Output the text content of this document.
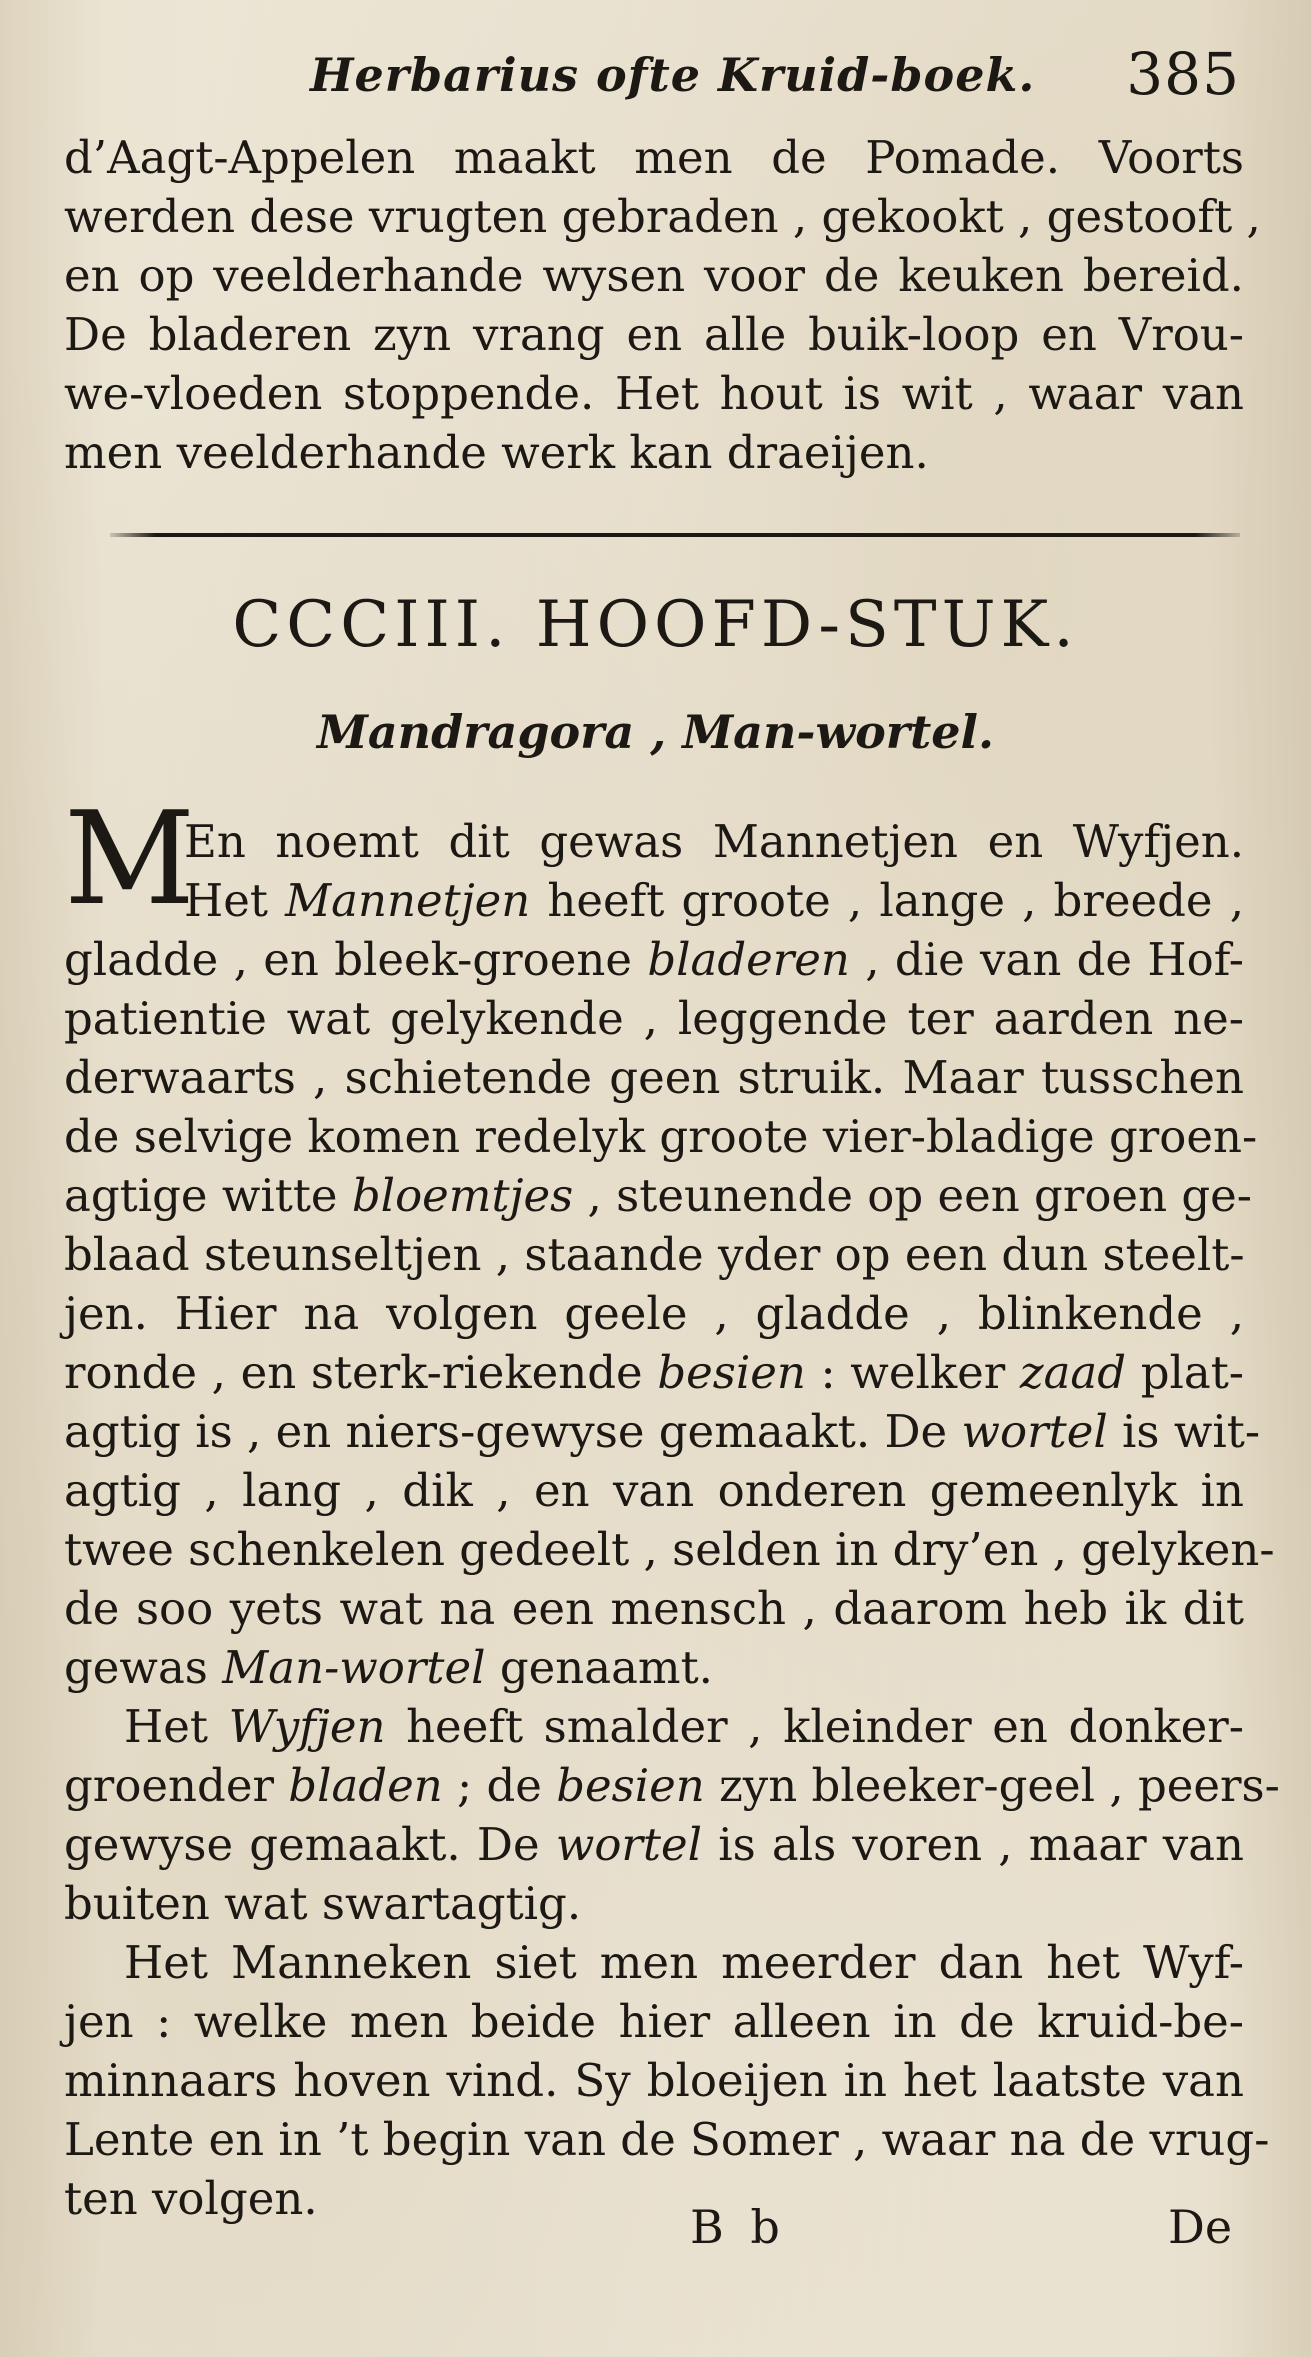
Herbarius ofte Kruid-boek. 385
d’Aagt-Appelen maakt men de Pomade. Voorts
werden dese vrugten gebraden , gekookt , gestooft ,
en op veelderhande wysen voor de keuken bereid.
De bladeren zyn vrang en alle buik-loop en Vrou-
we-vloeden stoppende. Het hout is wit , waar van
men veelderhande werk kan draeijen.
CCCIII. HOOFD-STUK.
Mandragora , Man-wortel.
M
En noemt dit gewas Mannetjen en Wyfjen.
Het Mannetjen heeft groote , lange , breede ,
gladde , en bleek-groene bladeren , die van de Hof-
patientie wat gelykende , leggende ter aarden ne-
derwaarts , schietende geen struik. Maar tusschen
de selvige komen redelyk groote vier-bladige groen-
agtige witte bloemtjes , steunende op een groen ge-
blaad steunseltjen , staande yder op een dun steelt-
jen. Hier na volgen geele , gladde , blinkende ,
ronde , en sterk-riekende besien : welker zaad plat-
agtig is , en niers-gewyse gemaakt. De wortel is wit-
agtig , lang , dik , en van onderen gemeenlyk in
twee schenkelen gedeelt , selden in dry’en , gelyken-
de soo yets wat na een mensch , daarom heb ik dit
gewas Man-wortel genaamt.
Het Wyfjen heeft smalder , kleinder en donker-
groender bladen ; de besien zyn bleeker-geel , peers-
gewyse gemaakt. De wortel is als voren , maar van
buiten wat swartagtig.
Het Manneken siet men meerder dan het Wyf-
jen : welke men beide hier alleen in de kruid-be-
minnaars hoven vind. Sy bloeijen in het laatste van
Lente en in ’t begin van de Somer , waar na de vrug-
ten volgen.
B b	De
